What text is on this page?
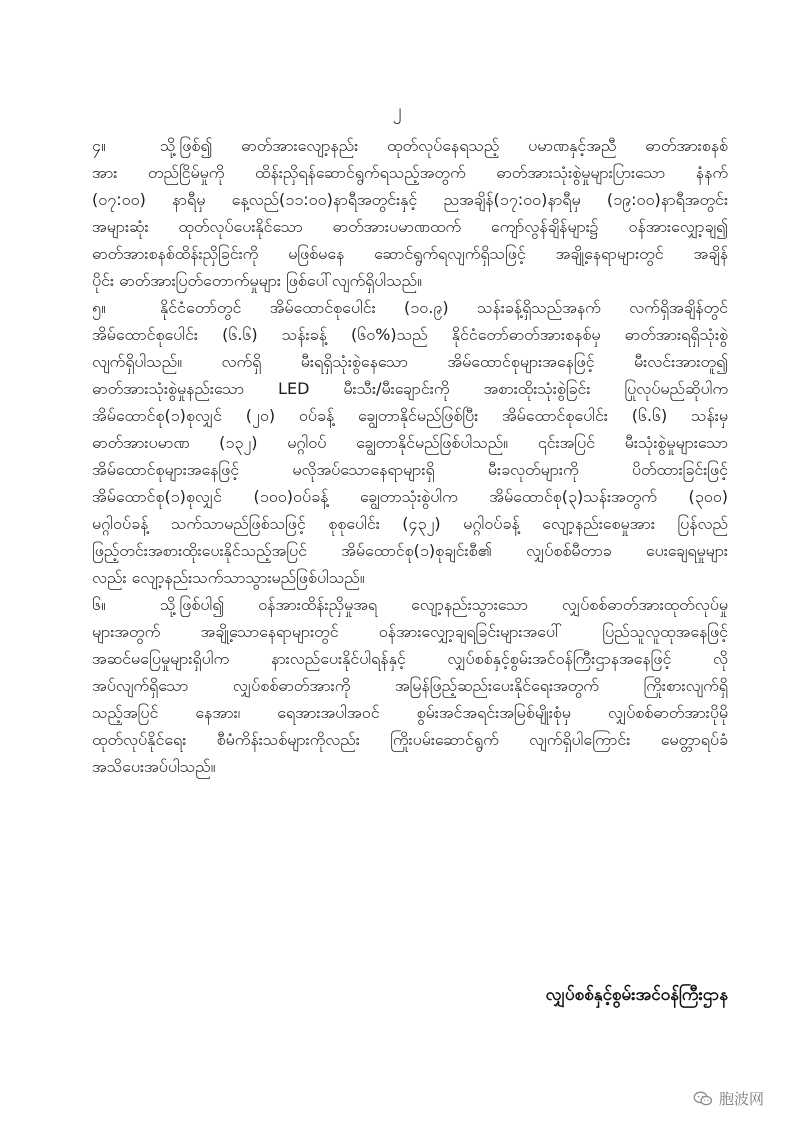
၂
၄။	သို့ဖြစ်၍ ဓာတ်အားလျော့နည်း ထုတ်လုပ်နေရသည့် ပမာဏနှင့်အညီ ဓာတ်အားစနစ်
အား တည်ငြိမ်မှုကို ထိန်းညှိရန်ဆောင်ရွက်ရသည့်အတွက် ဓာတ်အားသုံးစွဲမှုများပြားသော နံနက်
(၀၇:၀၀) နာရီမှ နေ့လည်(၁၁:၀၀)နာရီအတွင်းနှင့် ညအချိန်(၁၇:၀၀)နာရီမှ (၁၉:၀၀)နာရီအတွင်း
အများဆုံး ထုတ်လုပ်ပေးနိုင်သော ဓာတ်အားပမာဏထက် ကျော်လွန်ချိန်များ၌ ဝန်အားလျှော့ချ၍
ဓာတ်အားစနစ်ထိန်းညှိခြင်းကို မဖြစ်မနေ ဆောင်ရွက်ရလျက်ရှိသဖြင့် အချို့နေရာများတွင် အချိန်
ပိုင်း ဓာတ်အားပြတ်တောက်မှုများ ဖြစ်ပေါ်လျက်ရှိပါသည်။
၅။	နိုင်ငံတော်တွင် အိမ်ထောင်စုပေါင်း (၁၀.၉) သန်းခန့်ရှိသည်အနက် လက်ရှိအချိန်တွင်
အိမ်ထောင်စုပေါင်း (၆.၆) သန်းခန့် (၆၀%)သည် နိုင်ငံတော်ဓာတ်အားစနစ်မှ ဓာတ်အားရရှိသုံးစွဲ
လျက်ရှိပါသည်။ လက်ရှိ မီးရရှိသုံးစွဲနေသော အိမ်ထောင်စုများအနေဖြင့် မီးလင်းအားတူ၍
ဓာတ်အားသုံးစွဲမှုနည်းသော LED မီးသီး/မီးချောင်းကို အစားထိုးသုံးစွဲခြင်း ပြုလုပ်မည်ဆိုပါက
အိမ်ထောင်စု(၁)စုလျှင် (၂၀) ဝပ်ခန့် ချွေတာနိုင်မည်ဖြစ်ပြီး အိမ်ထောင်စုပေါင်း (၆.၆) သန်းမှ
ဓာတ်အားပမာဏ (၁၃၂) မဂ္ဂါဝပ် ချွေတာနိုင်မည်ဖြစ်ပါသည်။ ၎င်းအပြင် မီးသုံးစွဲမှုများသော
အိမ်ထောင်စုများအနေဖြင့် မလိုအပ်သောနေရာများရှိ မီးခလုတ်များကို ပိတ်ထားခြင်းဖြင့်
အိမ်ထောင်စု(၁)စုလျှင် (၁၀၀)ဝပ်ခန့် ချွေတာသုံးစွဲပါက အိမ်ထောင်စု(၃)သန်းအတွက် (၃၀၀)
မဂ္ဂါဝပ်ခန့် သက်သာမည်ဖြစ်သဖြင့် စုစုပေါင်း (၄၃၂) မဂ္ဂါဝပ်ခန့် လျော့နည်းစေမှုအား ပြန်လည်
ဖြည့်တင်းအစားထိုးပေးနိုင်သည့်အပြင် အိမ်ထောင်စု(၁)စုချင်းစီ၏ လျှပ်စစ်မီတာခ ပေးချေရမှုများ
လည်း လျော့နည်းသက်သာသွားမည်ဖြစ်ပါသည်။
၆။	သို့ဖြစ်ပါ၍ ဝန်အားထိန်းညှိမှုအရ လျော့နည်းသွားသော လျှပ်စစ်ဓာတ်အားထုတ်လုပ်မှု
များအတွက် အချို့သောနေရာများတွင် ဝန်အားလျှော့ချရခြင်းများအပေါ် ပြည်သူလူထုအနေဖြင့်
အဆင်မပြေမှုများရှိပါက နားလည်ပေးနိုင်ပါရန်နှင့် လျှပ်စစ်နှင့်စွမ်းအင်ဝန်ကြီးဌာနအနေဖြင့် လို
အပ်လျက်ရှိသော လျှပ်စစ်ဓာတ်အားကို အမြန်ဖြည့်ဆည်းပေးနိုင်ရေးအတွက် ကြိုးစားလျက်ရှိ
သည့်အပြင် နေအား၊ ရေအားအပါအဝင် စွမ်းအင်အရင်းအမြစ်မျိုးစုံမှ လျှပ်စစ်ဓာတ်အားပိုမို
ထုတ်လုပ်နိုင်ရေး စီမံကိန်းသစ်များကိုလည်း ကြိုးပမ်းဆောင်ရွက် လျက်ရှိပါကြောင်း မေတ္တာရပ်ခံ
အသိပေးအပ်ပါသည်။
လျှပ်စစ်နှင့်စွမ်းအင်ဝန်ကြီးဌာန
胞波网
